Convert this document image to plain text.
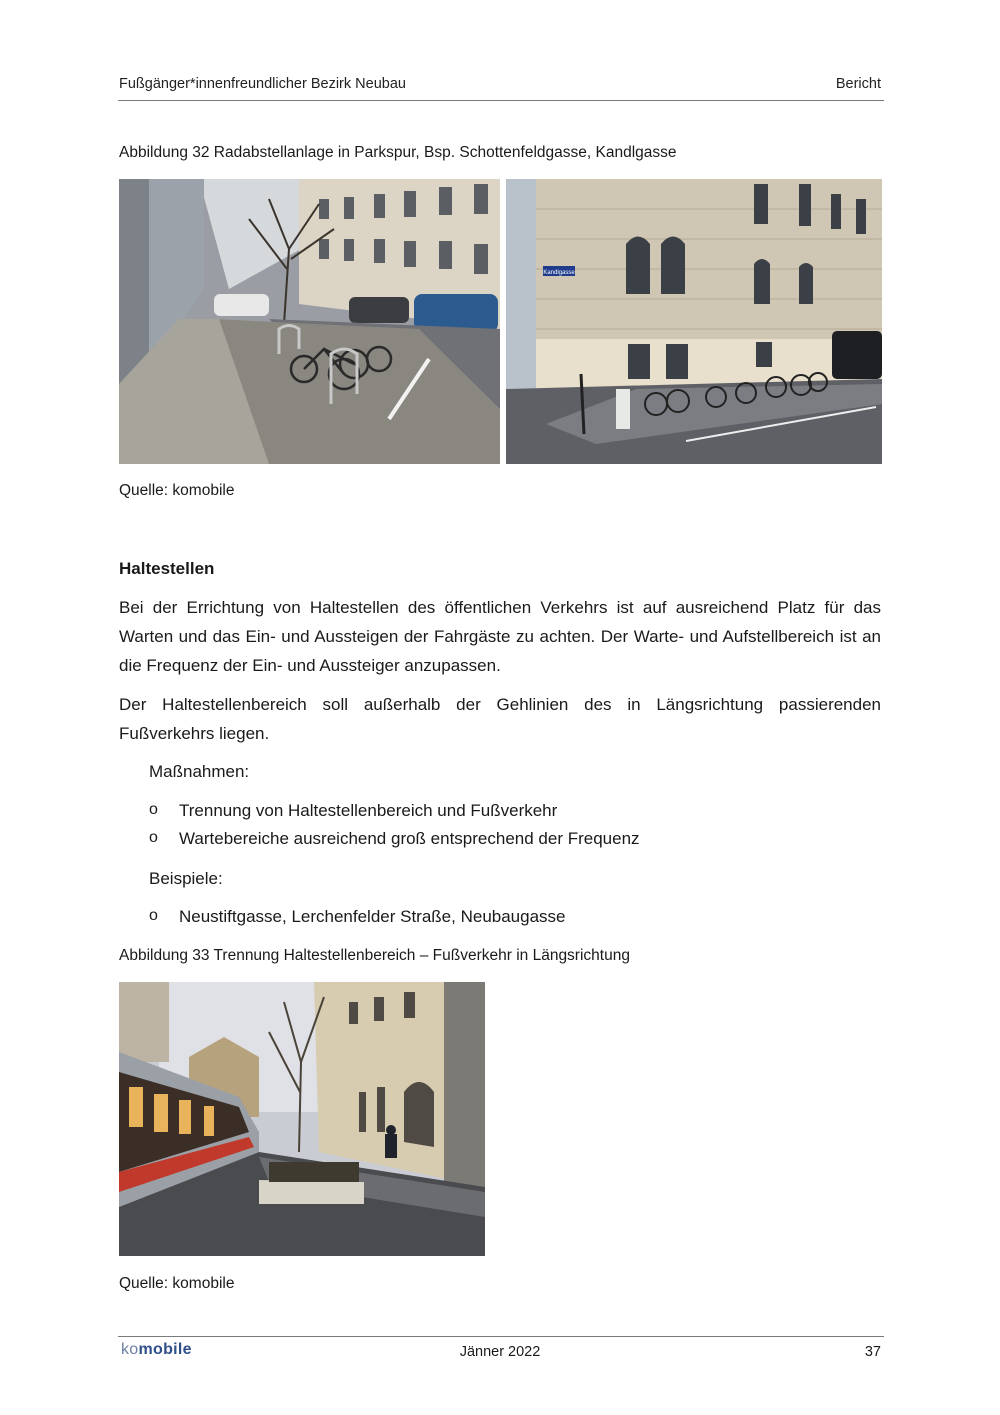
Fußgänger*innenfreundlicher Bezirk Neubau	Bericht
Abbildung 32 Radabstellanlage in Parkspur, Bsp. Schottenfeldgasse, Kandlgasse
Kandlgasse
Quelle: komobile
Haltestellen
Bei der Errichtung von Haltestellen des öffentlichen Verkehrs ist auf ausreichend Platz für das Warten und das Ein- und Aussteigen der Fahrgäste zu achten. Der Warte- und Aufstellbereich ist an die Frequenz der Ein- und Aussteiger anzupassen.
Der Haltestellenbereich soll außerhalb der Gehlinien des in Längsrichtung passierenden Fußverkehrs liegen.
Maßnahmen:
o Trennung von Haltestellenbereich und Fußverkehr
o Wartebereiche ausreichend groß entsprechend der Frequenz
Beispiele:
o Neustiftgasse, Lerchenfelder Straße, Neubaugasse
Abbildung 33 Trennung Haltestellenbereich – Fußverkehr in Längsrichtung
Quelle: komobile
komobile	Jänner 2022	37
